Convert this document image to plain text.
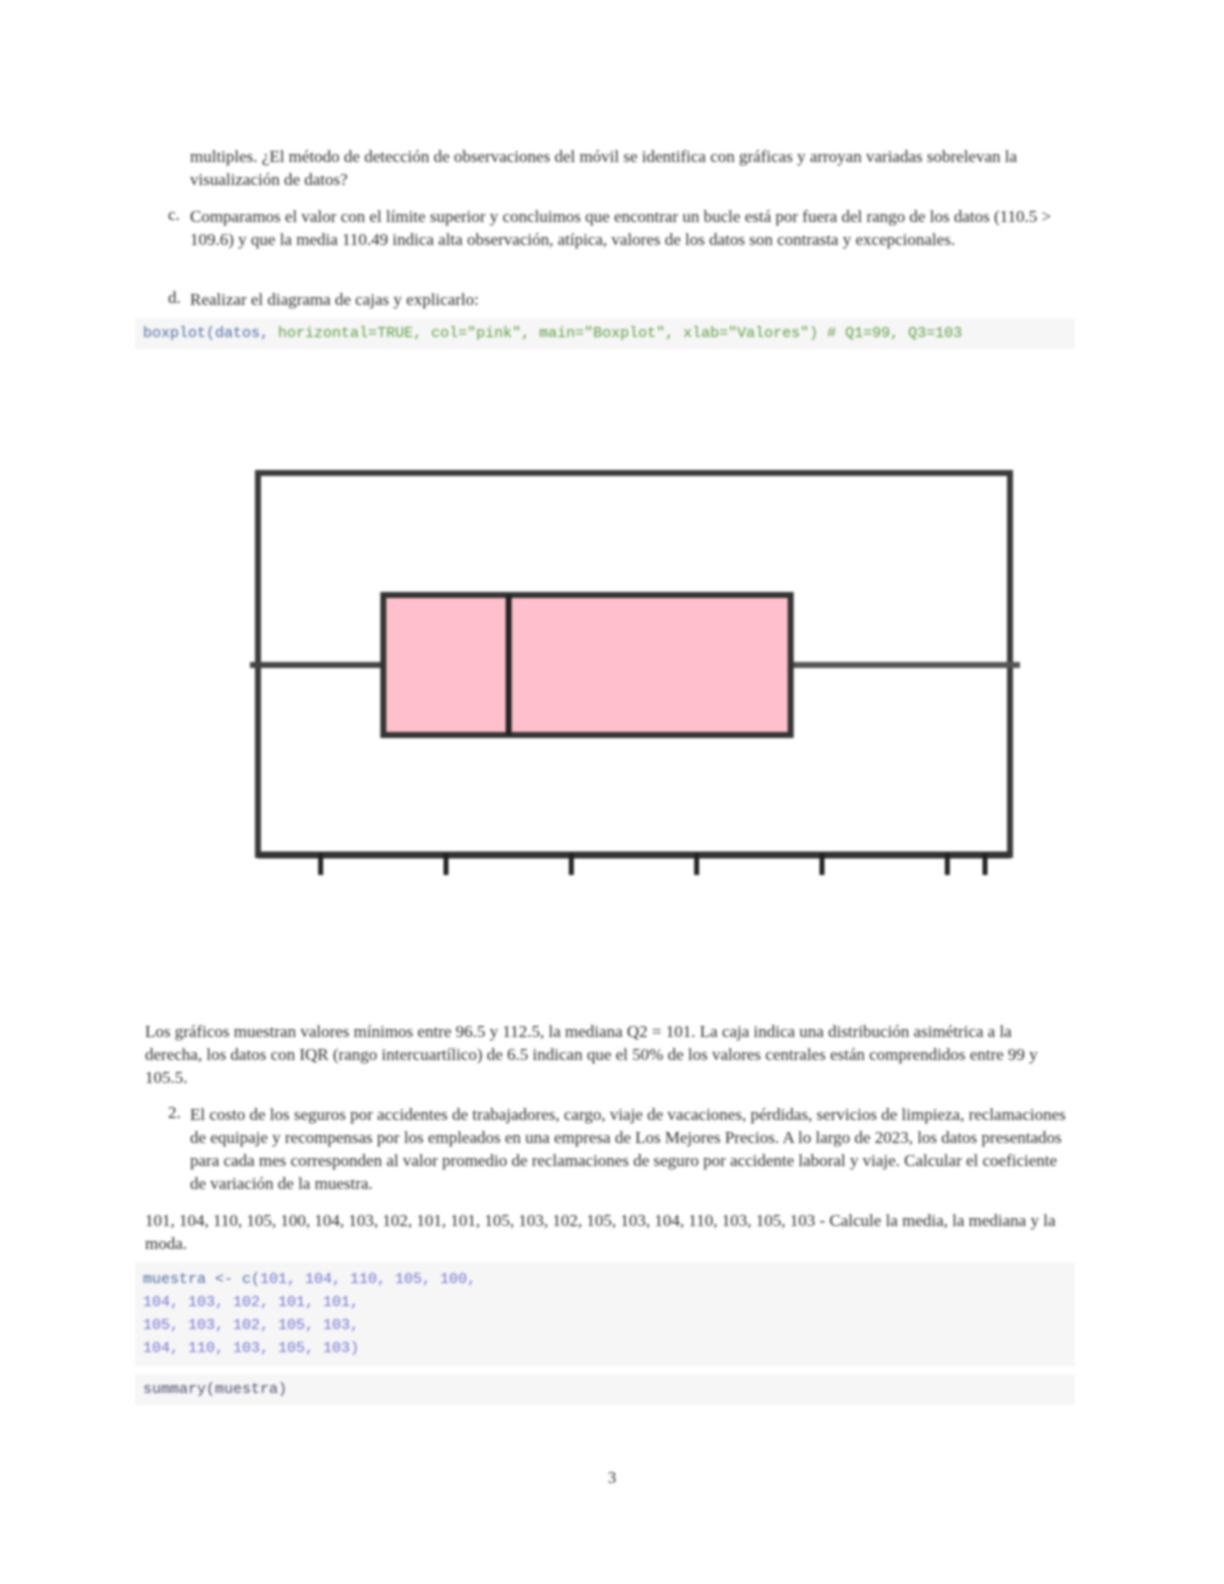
multiples. ¿El método de detección de observaciones del móvil se identifica con gráficas y arroyan variadas sobrelevan la visualización de datos?
c. Comparamos el valor con el límite superior y concluimos que encontrar un bucle está por fuera del rango de los datos (110.5 > 109.6) y que la media 110.49 indica alta observación, atípica, valores de los datos son contrasta y excepcionales.
d. Realizar el diagrama de cajas y explicarlo:
boxplot(datos, horizontal=TRUE, col="pink", main="Boxplot", xlab="Valores") # Q1=99, Q3=103
Los gráficos muestran valores mínimos entre 96.5 y 112.5, la mediana Q2 = 101. La caja indica una distribución asimétrica a la derecha, los datos con IQR (rango intercuartílico) de 6.5 indican que el 50% de los valores centrales están comprendidos entre 99 y 105.5.
2. El costo de los seguros por accidentes de trabajadores, cargo, viaje de vacaciones, pérdidas, servicios de limpieza, reclamaciones de equipaje y recompensas por los empleados en una empresa de Los Mejores Precios. A lo largo de 2023, los datos presentados para cada mes corresponden al valor promedio de reclamaciones de seguro por accidente laboral y viaje. Calcular el coeficiente de variación de la muestra.
101, 104, 110, 105, 100, 104, 103, 102, 101, 101, 105, 103, 102, 105, 103, 104, 110, 103, 105, 103 - Calcule la media, la mediana y la moda.
muestra <- c(101, 104, 110, 105, 100,
104, 103, 102, 101, 101,
105, 103, 102, 105, 103,
104, 110, 103, 105, 103)
summary(muestra)
3
